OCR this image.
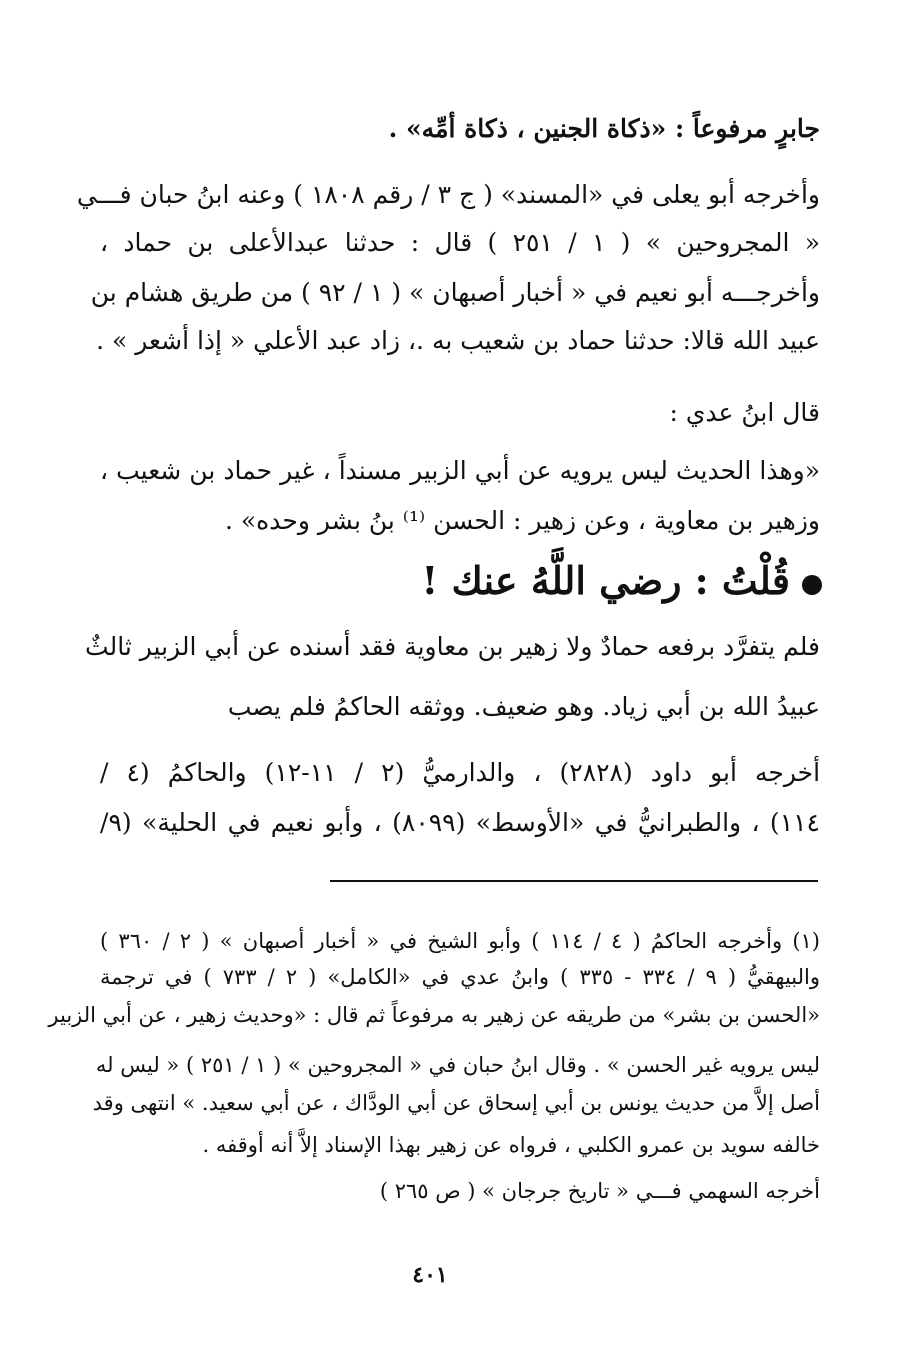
جابرٍ مرفوعاً : «ذكاة الجنين ، ذكاة أمِّه» .
وأخرجه أبو يعلى في «المسند» ( ج ٣ / رقم ١٨٠٨ ) وعنه ابنُ حبان فـــي
« المجروحين » ( ١ / ٢٥١ ) قال : حدثنا عبدالأعلى بن حماد ،
وأخرجـــه أبو نعيم في « أخبار أصبهان » ( ١ / ٩٢ ) من طريق هشام بن
عبيد الله قالا: حدثنا حماد بن شعيب به .، زاد عبد الأعلي « إذا أشعر » .
قال ابنُ عدي :
«وهذا الحديث ليس يرويه عن أبي الزبير مسنداً ، غير حماد بن شعيب ،
وزهير بن معاوية ، وعن زهير : الحسن ⁽¹⁾ بنُ بشر وحده» .
قُلْتُ : رضي اللَّهُ عنك !
فلم يتفرَّد برفعه حمادٌ ولا زهير بن معاوية فقد أسنده عن أبي الزبير ثالثٌ
عبيدُ الله بن أبي زياد. وهو ضعيف. ووثقه الحاكمُ فلم يصب
أخرجه أبو داود (٢٨٢٨) ، والدارميُّ (٢ / ١١-١٢) والحاكمُ (٤ /
١١٤) ، والطبرانيُّ في «الأوسط» (٨٠٩٩) ، وأبو نعيم في الحلية» (٩/
(١) وأخرجه الحاكمُ ( ٤ / ١١٤ ) وأبو الشيخ في « أخبار أصبهان » ( ٢ / ٣٦٠ )
والبيهقيُّ ( ٩ / ٣٣٤ - ٣٣٥ ) وابنُ عدي في «الكامل» ( ٢ / ٧٣٣ ) في ترجمة
«الحسن بن بشر» من طريقه عن زهير به مرفوعاً ثم قال : «وحديث زهير ، عن أبي الزبير
ليس يرويه غير الحسن » . وقال ابنُ حبان في « المجروحين » ( ١ / ٢٥١ ) « ليس له
أصل إلاَّ من حديث يونس بن أبي إسحاق عن أبي الودَّاك ، عن أبي سعيد. » انتهى وقد
خالفه سويد بن عمرو الكلبي ، فرواه عن زهير بهذا الإسناد إلاَّ أنه أوقفه .
أخرجه السهمي فـــي « تاريخ جرجان » ( ص ٢٦٥ )
٤٠١
